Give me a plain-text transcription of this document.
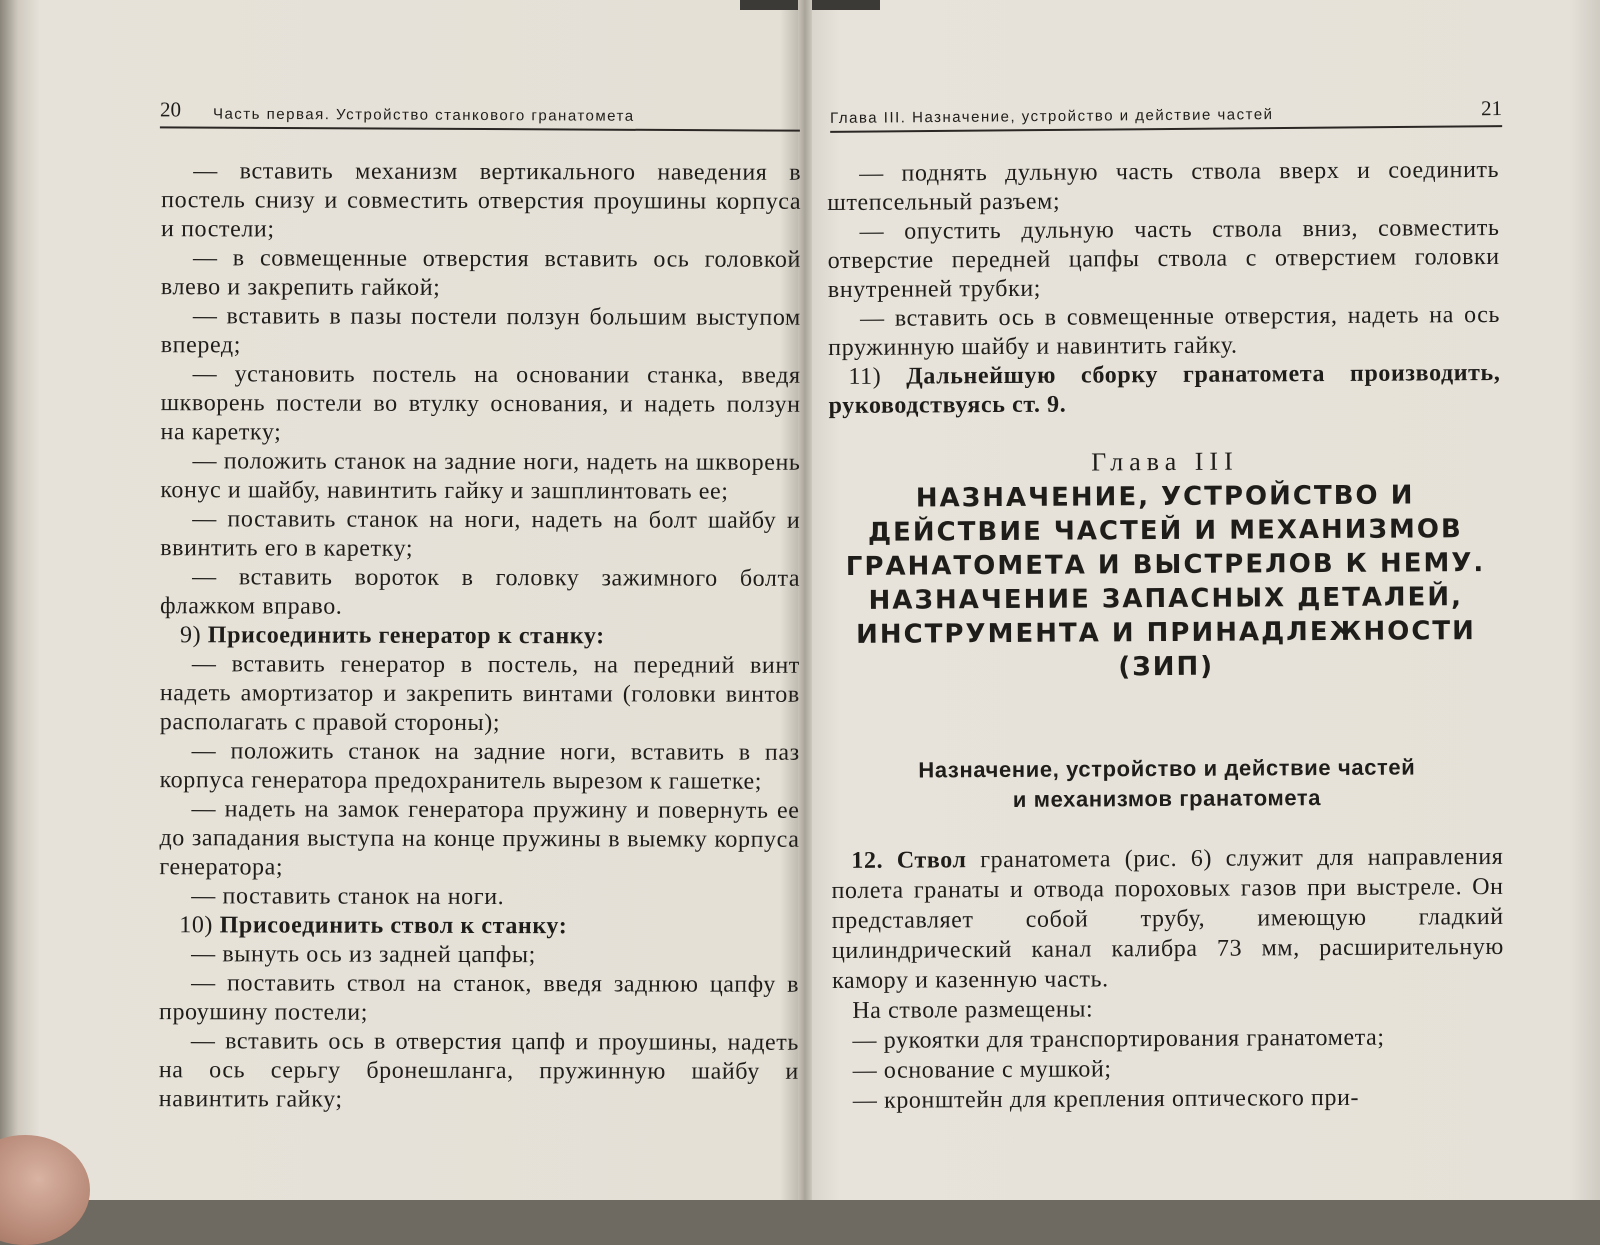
20 Часть первая. Устройство станкового гранатомета

— вставить механизм вертикального наведения в постель снизу и совместить отверстия проушины корпуса и постели;

— в совмещенные отверстия вставить ось головкой влево и закрепить гайкой;

— вставить в пазы постели ползун большим выступом вперед;

— установить постель на основании станка, введя шкворень постели во втулку основания, и надеть ползун на каретку;

— положить станок на задние ноги, надеть на шкворень конус и шайбу, навинтить гайку и зашплинтовать ее;

— поставить станок на ноги, надеть на болт шайбу и ввинтить его в каретку;

— вставить вороток в головку зажимного болта флажком вправо.

9) Присоединить генератор к станку:

— вставить генератор в постель, на передний винт надеть амортизатор и закрепить винтами (головки винтов располагать с правой стороны);

— положить станок на задние ноги, вставить в паз корпуса генератора предохранитель вырезом к гашетке;

— надеть на замок генератора пружину и повернуть ее до западания выступа на конце пружины в выемку корпуса генератора;

— поставить станок на ноги.

10) Присоединить ствол к станку:

— вынуть ось из задней цапфы;

— поставить ствол на станок, введя заднюю цапфу в проушину постели;

— вставить ось в отверстия цапф и проушины, надеть на ось серьгу бронешланга, пружинную шайбу и навинтить гайку;

Глава III. Назначение, устройство и действие частей	21

— поднять дульную часть ствола вверх и соединить штепсельный разъем;

— опустить дульную часть ствола вниз, совместить отверстие передней цапфы ствола с отверстием головки внутренней трубки;

— вставить ось в совмещенные отверстия, надеть на ось пружинную шайбу и навинтить гайку.

11) Дальнейшую сборку гранатомета производить, руководствуясь ст. 9.

Глава III
НАЗНАЧЕНИЕ, УСТРОЙСТВО И
ДЕЙСТВИЕ ЧАСТЕЙ И МЕХАНИЗМОВ
ГРАНАТОМЕТА И ВЫСТРЕЛОВ К НЕМУ.
НАЗНАЧЕНИЕ ЗАПАСНЫХ ДЕТАЛЕЙ,
ИНСТРУМЕНТА И ПРИНАДЛЕЖНОСТИ
(ЗИП)
Назначение, устройство и действие частей
и механизмов гранатомета

12. Ствол гранатомета (рис. 6) служит для направления полета гранаты и отвода пороховых газов при выстреле. Он представляет собой трубу, имеющую гладкий цилиндрический канал калибра 73 мм, расширительную камору и казенную часть.

На стволе размещены:

— рукоятки для транспортирования гранатомета;

— основание с мушкой;

— кронштейн для крепления оптического при-
